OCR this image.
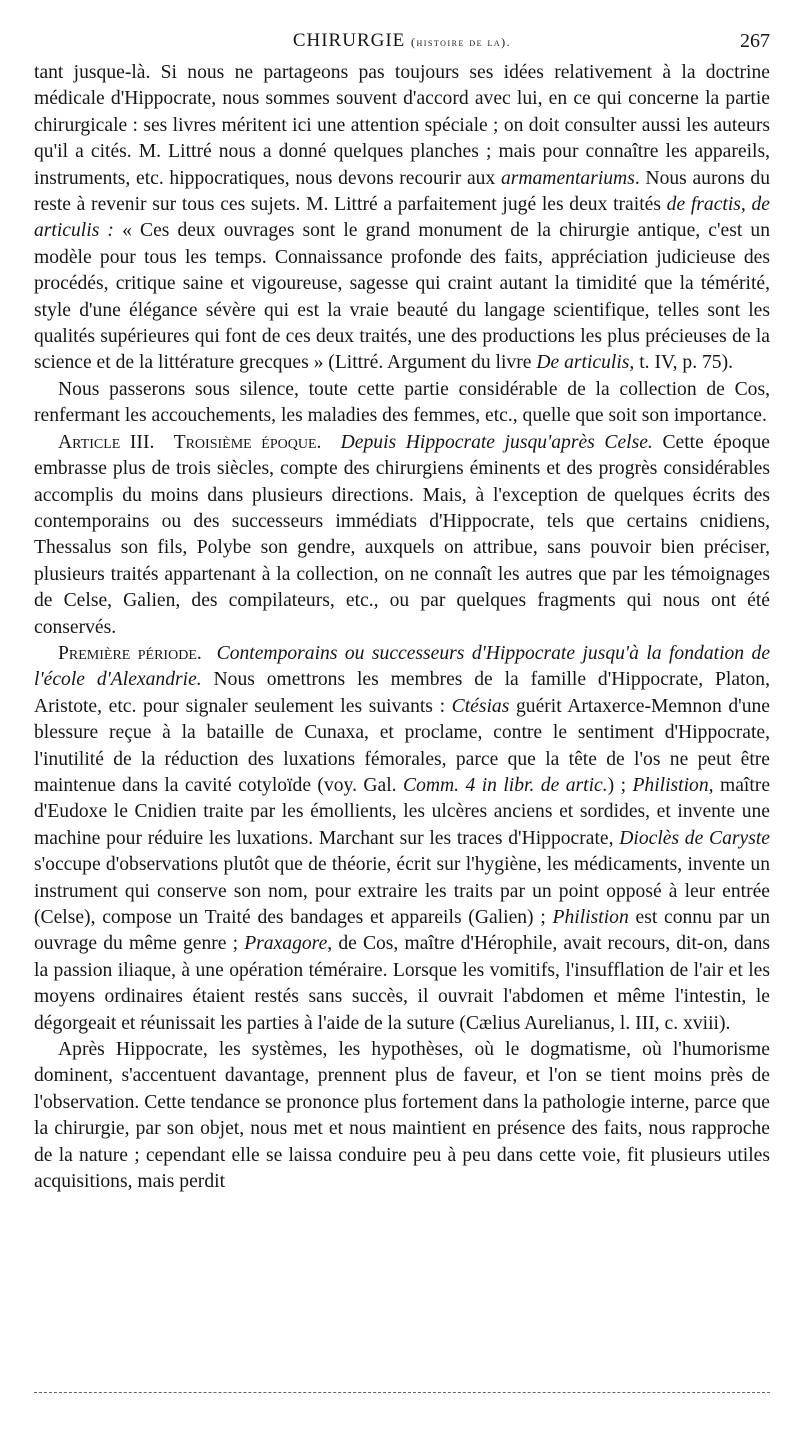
CHIRURGIE (histoire de la).	267

tant jusque-là. Si nous ne partageons pas toujours ses idées relativement à la doctrine médicale d'Hippocrate, nous sommes souvent d'accord avec lui, en ce qui concerne la partie chirurgicale : ses livres méritent ici une attention spéciale ; on doit consulter aussi les auteurs qu'il a cités. M. Littré nous a donné quelques planches ; mais pour connaître les appareils, instruments, etc. hippocratiques, nous devons recourir aux armamentariums. Nous aurons du reste à revenir sur tous ces sujets. M. Littré a parfaitement jugé les deux traités de fractis, de articulis : « Ces deux ouvrages sont le grand monument de la chirurgie antique, c'est un modèle pour tous les temps. Connaissance profonde des faits, appréciation judicieuse des procédés, critique saine et vigoureuse, sagesse qui craint autant la timidité que la témérité, style d'une élégance sévère qui est la vraie beauté du langage scientifique, telles sont les qualités supérieures qui font de ces deux traités, une des productions les plus précieuses de la science et de la littérature grecques » (Littré. Argument du livre De articulis, t. IV, p. 75).

Nous passerons sous silence, toute cette partie considérable de la collection de Cos, renfermant les accouchements, les maladies des femmes, etc., quelle que soit son importance.

Article III. Troisième époque. Depuis Hippocrate jusqu'après Celse. Cette époque embrasse plus de trois siècles, compte des chirurgiens éminents et des progrès considérables accomplis du moins dans plusieurs directions. Mais, à l'exception de quelques écrits des contemporains ou des successeurs immédiats d'Hippocrate, tels que certains cnidiens, Thessalus son fils, Polybe son gendre, auxquels on attribue, sans pouvoir bien préciser, plusieurs traités appartenant à la collection, on ne connaît les autres que par les témoignages de Celse, Galien, des compilateurs, etc., ou par quelques fragments qui nous ont été conservés.

Première période. Contemporains ou successeurs d'Hippocrate jusqu'à la fondation de l'école d'Alexandrie. Nous omettrons les membres de la famille d'Hippocrate, Platon, Aristote, etc. pour signaler seulement les suivants : Ctésias guérit Artaxerce-Memnon d'une blessure reçue à la bataille de Cunaxa, et proclame, contre le sentiment d'Hippocrate, l'inutilité de la réduction des luxations fémorales, parce que la tête de l'os ne peut être maintenue dans la cavité cotyloïde (voy. Gal. Comm. 4 in libr. de artic.) ; Philistion, maître d'Eudoxe le Cnidien traite par les émollients, les ulcères anciens et sordides, et invente une machine pour réduire les luxations. Marchant sur les traces d'Hippocrate, Dioclès de Caryste s'occupe d'observations plutôt que de théorie, écrit sur l'hygiène, les médicaments, invente un instrument qui conserve son nom, pour extraire les traits par un point opposé à leur entrée (Celse), compose un Traité des bandages et appareils (Galien) ; Philistion est connu par un ouvrage du même genre ; Praxagore, de Cos, maître d'Hérophile, avait recours, dit-on, dans la passion iliaque, à une opération téméraire. Lorsque les vomitifs, l'insufflation de l'air et les moyens ordinaires étaient restés sans succès, il ouvrait l'abdomen et même l'intestin, le dégorgeait et réunissait les parties à l'aide de la suture (Cælius Aurelianus, l. III, c. xviii).

Après Hippocrate, les systèmes, les hypothèses, où le dogmatisme, où l'humorisme dominent, s'accentuent davantage, prennent plus de faveur, et l'on se tient moins près de l'observation. Cette tendance se prononce plus fortement dans la pathologie interne, parce que la chirurgie, par son objet, nous met et nous maintient en présence des faits, nous rapproche de la nature ; cependant elle se laissa conduire peu à peu dans cette voie, fit plusieurs utiles acquisitions, mais perdit
